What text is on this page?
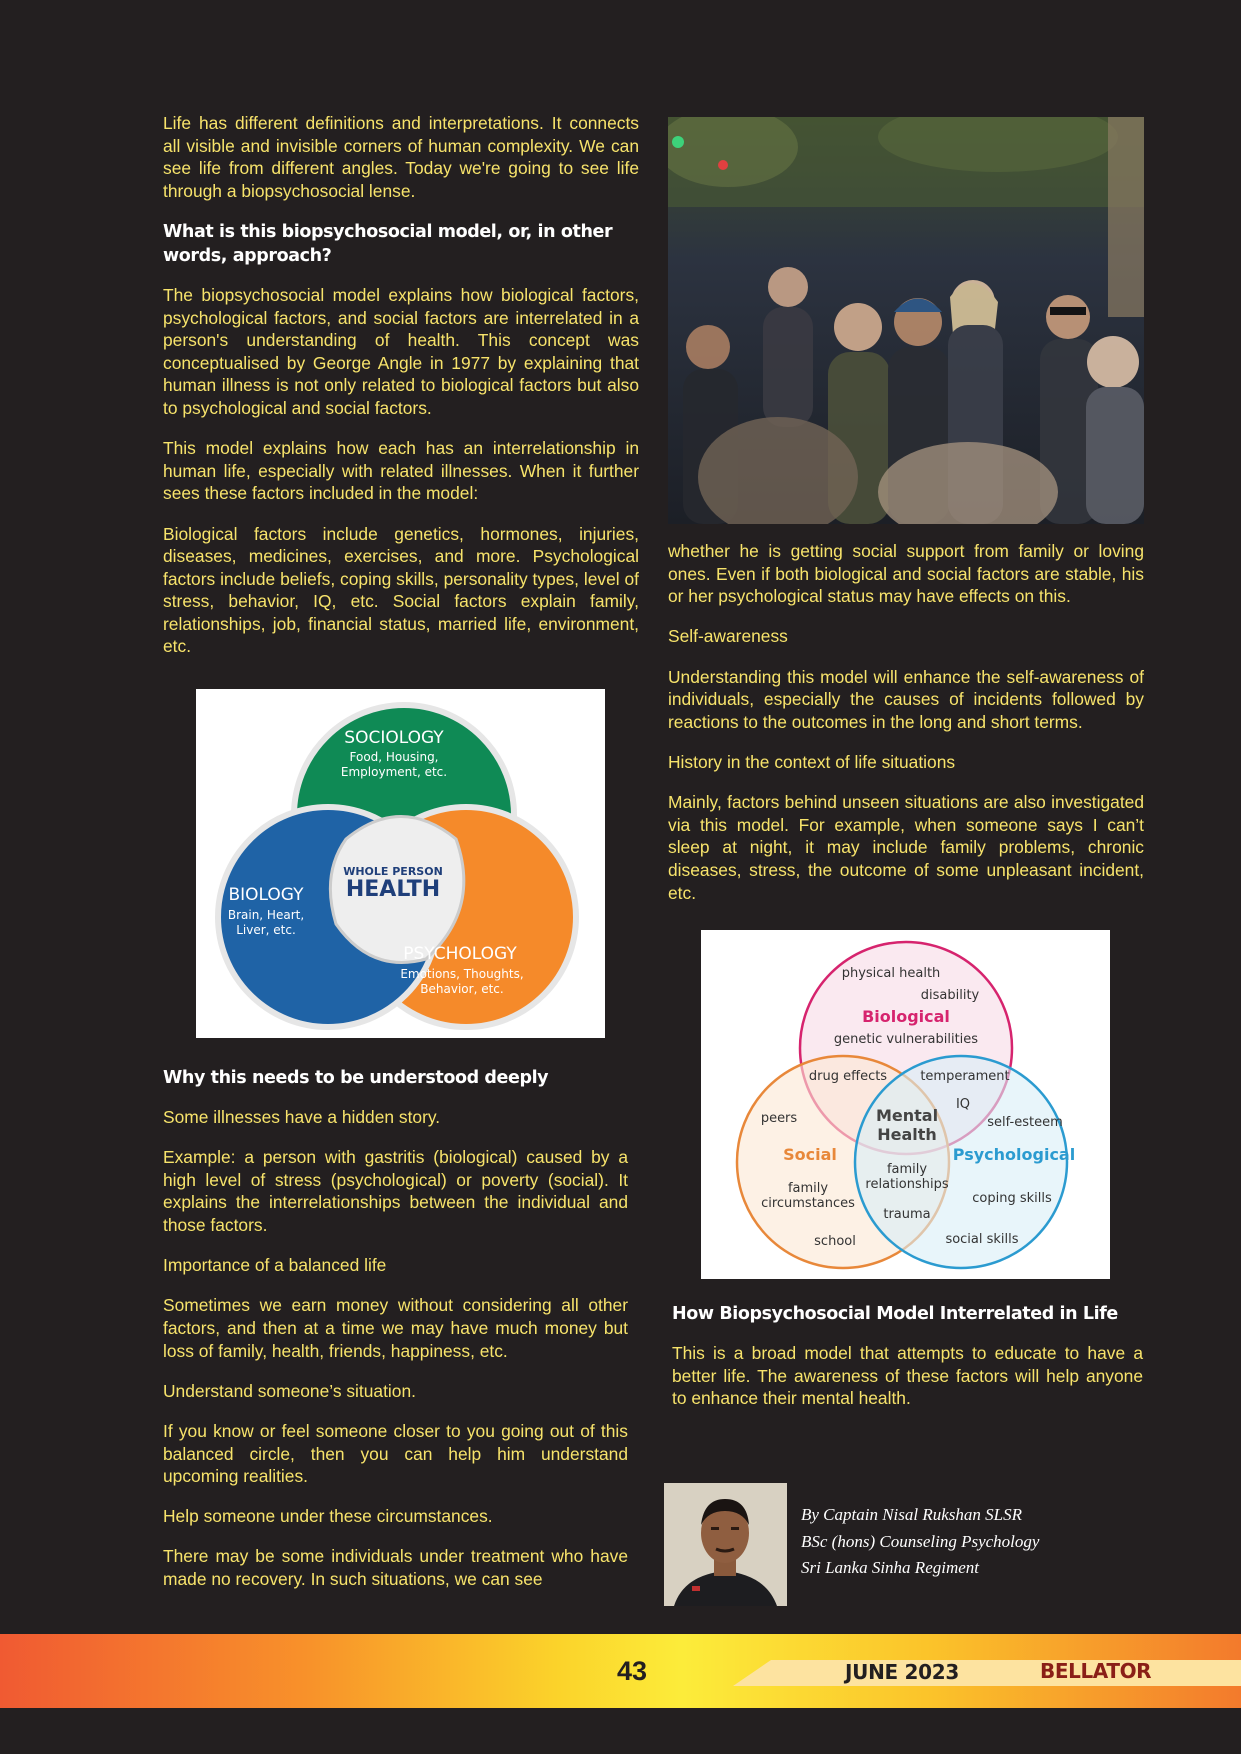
Life has different definitions and interpretations. It connects all visible and invisible corners of human complexity. We can see life from different angles. Today we're going to see life through a biopsychosocial lense.

What is this biopsychosocial model, or, in other words, approach?

The biopsychosocial model explains how biological factors, psychological factors, and social factors are interrelated in a person's understanding of health. This concept was conceptualised by George Angle in 1977 by explaining that human illness is not only related to biological factors but also to psychological and social factors.

This model explains how each has an interrelationship in human life, especially with related illnesses. When it further sees these factors included in the model:

Biological factors include genetics, hormones, injuries, diseases, medicines, exercises, and more. Psychological factors include beliefs, coping skills, personality types, level of stress, behavior, IQ, etc. Social factors explain family, relationships, job, financial status, married life, environment, etc.

SOCIOLOGY
Food, Housing,
Employment, etc.
BIOLOGY
Brain, Heart,
Liver, etc.
PSYCHOLOGY
Emotions, Thoughts,
Behavior, etc.
WHOLE PERSON
HEALTH
Why this needs to be understood deeply

Some illnesses have a hidden story.

Example: a person with gastritis (biological) caused by a high level of stress (psychological) or poverty (social). It explains the interrelationships between the individual and those factors.

Importance of a balanced life

Sometimes we earn money without considering all other factors, and then at a time we may have much money but loss of family, health, friends, happiness, etc.

Understand someone’s situation.

If you know or feel someone closer to you going out of this balanced circle, then you can help him understand upcoming realities.

Help someone under these circumstances.

There may be some individuals under treatment who have made no recovery. In such situations, we can see

whether he is getting social support from family or loving ones. Even if both biological and social factors are stable, his or her psychological status may have effects on this.

Self-awareness

Understanding this model will enhance the self-awareness of individuals, especially the causes of incidents followed by reactions to the outcomes in the long and short terms.

History in the context of life situations

Mainly, factors behind unseen situations are also investigated via this model. For example, when someone says I can’t sleep at night, it may include family problems, chronic diseases, stress, the outcome of some unpleasant incident, etc.

physical health
disability
Biological
genetic vulnerabilities
drug effects	temperament
IQ
peers	self-esteem
Mental
Health
Social	Psychological
family
relationships
family
circumstances	coping skills
trauma
school	social skills
How Biopsychosocial Model Interrelated in Life

This is a broad model that attempts to educate to have a better life. The awareness of these factors will help anyone to enhance their mental health.

By Captain Nisal Rukshan SLSR
BSc (hons) Counseling Psychology
Sri Lanka Sinha Regiment
43	JUNE 2023	BELLATOR
